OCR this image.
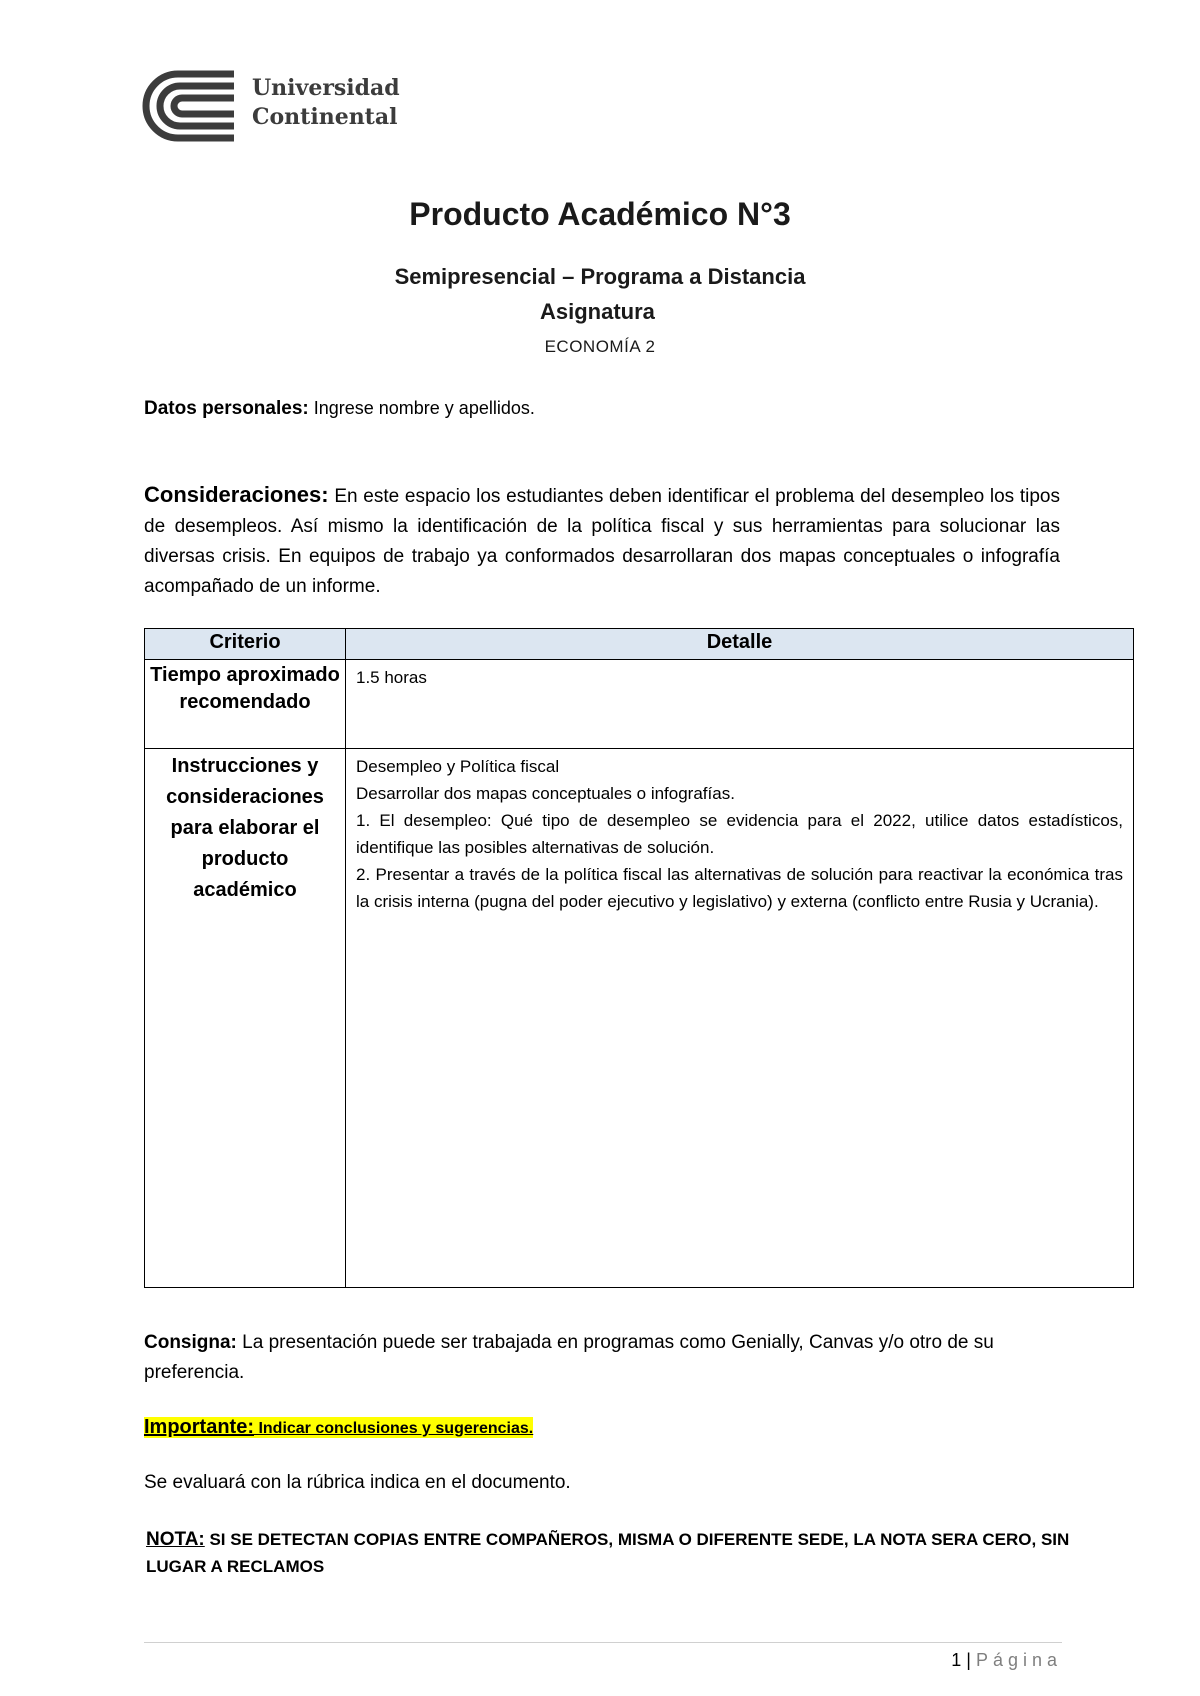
Universidad
Continental
Producto Académico N°3
Semipresencial – Programa a Distancia
Asignatura
ECONOMÍA 2
Datos personales: Ingrese nombre y apellidos.
Consideraciones: En este espacio los estudiantes deben identificar el problema del desempleo los tipos de desempleos. Así mismo la identificación de la política fiscal y sus herramientas para solucionar las diversas crisis. En equipos de trabajo ya conformados desarrollaran dos mapas conceptuales o infografía acompañado de un informe.
Criterio	Detalle
Tiempo aproximado recomendado	1.5 horas
Instrucciones y consideraciones para elaborar el producto académico	Desempleo y Política fiscal
Desarrollar dos mapas conceptuales o infografías.
1. El desempleo: Qué tipo de desempleo se evidencia para el 2022, utilice datos estadísticos, identifique las posibles alternativas de solución.
2. Presentar a través de la política fiscal las alternativas de solución para reactivar la económica tras la crisis interna (pugna del poder ejecutivo y legislativo) y externa (conflicto entre Rusia y Ucrania).
Consigna: La presentación puede ser trabajada en programas como Genially, Canvas y/o otro de su preferencia.
Importante: Indicar conclusiones y sugerencias.
Se evaluará con la rúbrica indica en el documento.
NOTA: SI SE DETECTAN COPIAS ENTRE COMPAÑEROS, MISMA O DIFERENTE SEDE, LA NOTA SERA CERO, SIN LUGAR A RECLAMOS
1 | Página
